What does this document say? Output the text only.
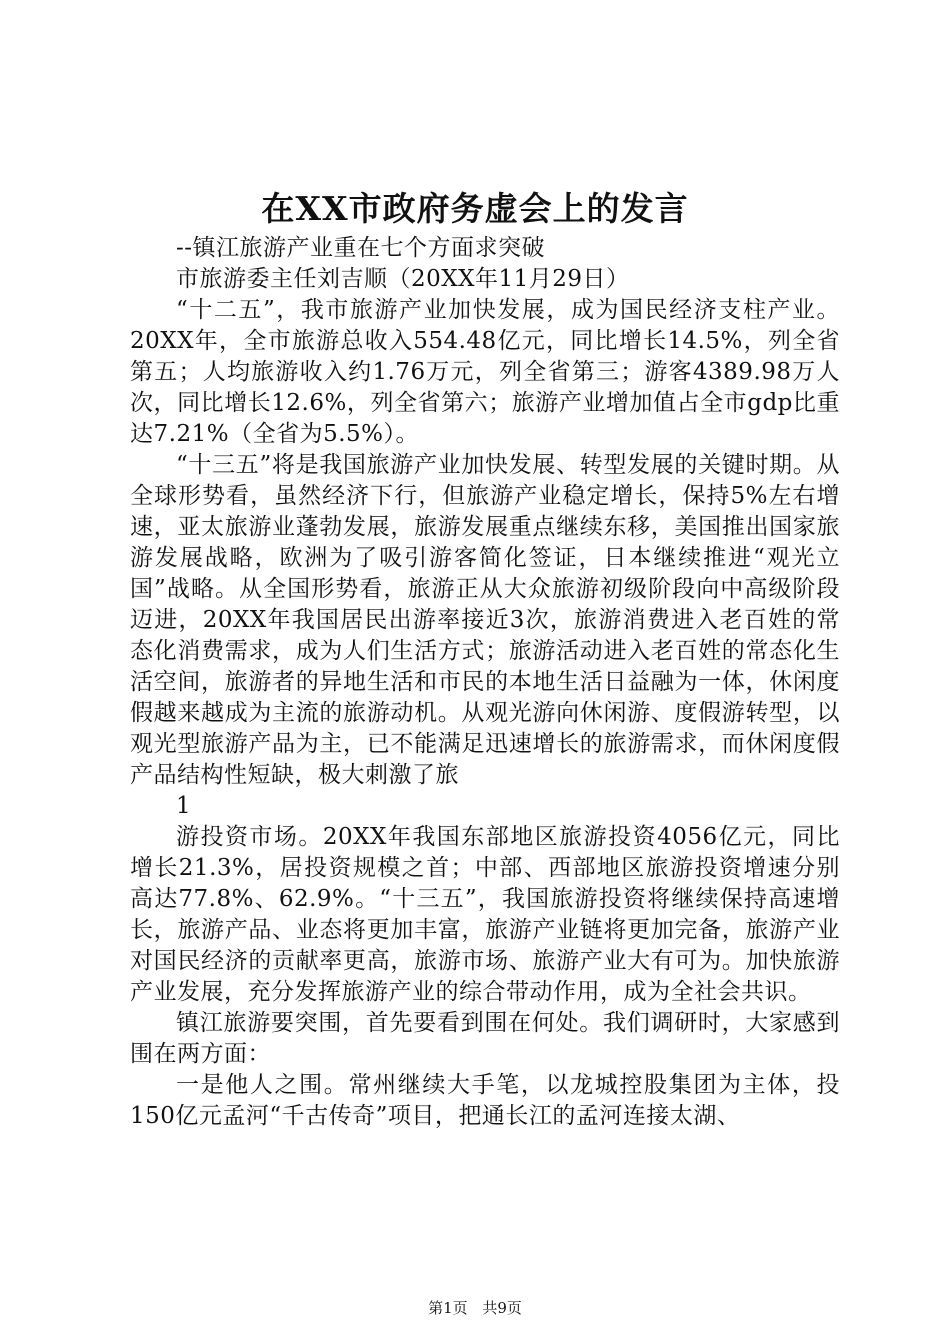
在XX市政府务虚会上的发言

--镇江旅游产业重在七个方面求突破

市旅游委主任刘吉顺（20XX年11月29日）

“十二五”，我市旅游产业加快发展，成为国民经济支柱产业。20XX年，全市旅游总收入554.48亿元，同比增长14.5%，列全省第五；人均旅游收入约1.76万元，列全省第三；游客4389.98万人次，同比增长12.6%，列全省第六；旅游产业增加值占全市gdp比重达7.21%（全省为5.5%）。

“十三五”将是我国旅游产业加快发展、转型发展的关键时期。从全球形势看，虽然经济下行，但旅游产业稳定增长，保持5%左右增速，亚太旅游业蓬勃发展，旅游发展重点继续东移，美国推出国家旅游发展战略，欧洲为了吸引游客简化签证，日本继续推进“观光立国”战略。从全国形势看，旅游正从大众旅游初级阶段向中高级阶段迈进，20XX年我国居民出游率接近3次，旅游消费进入老百姓的常态化消费需求，成为人们生活方式；旅游活动进入老百姓的常态化生活空间，旅游者的异地生活和市民的本地生活日益融为一体，休闲度假越来越成为主流的旅游动机。从观光游向休闲游、度假游转型，以观光型旅游产品为主，已不能满足迅速增长的旅游需求，而休闲度假产品结构性短缺，极大刺激了旅

1

游投资市场。20XX年我国东部地区旅游投资4056亿元，同比增长21.3%，居投资规模之首；中部、西部地区旅游投资增速分别高达77.8%、62.9%。“十三五”，我国旅游投资将继续保持高速增长，旅游产品、业态将更加丰富，旅游产业链将更加完备，旅游产业对国民经济的贡献率更高，旅游市场、旅游产业大有可为。加快旅游产业发展，充分发挥旅游产业的综合带动作用，成为全社会共识。

镇江旅游要突围，首先要看到围在何处。我们调研时，大家感到围在两方面：

一是他人之围。常州继续大手笔，以龙城控股集团为主体，投150亿元孟河“千古传奇”项目，把通长江的孟河连接太湖、

第1页 共9页
